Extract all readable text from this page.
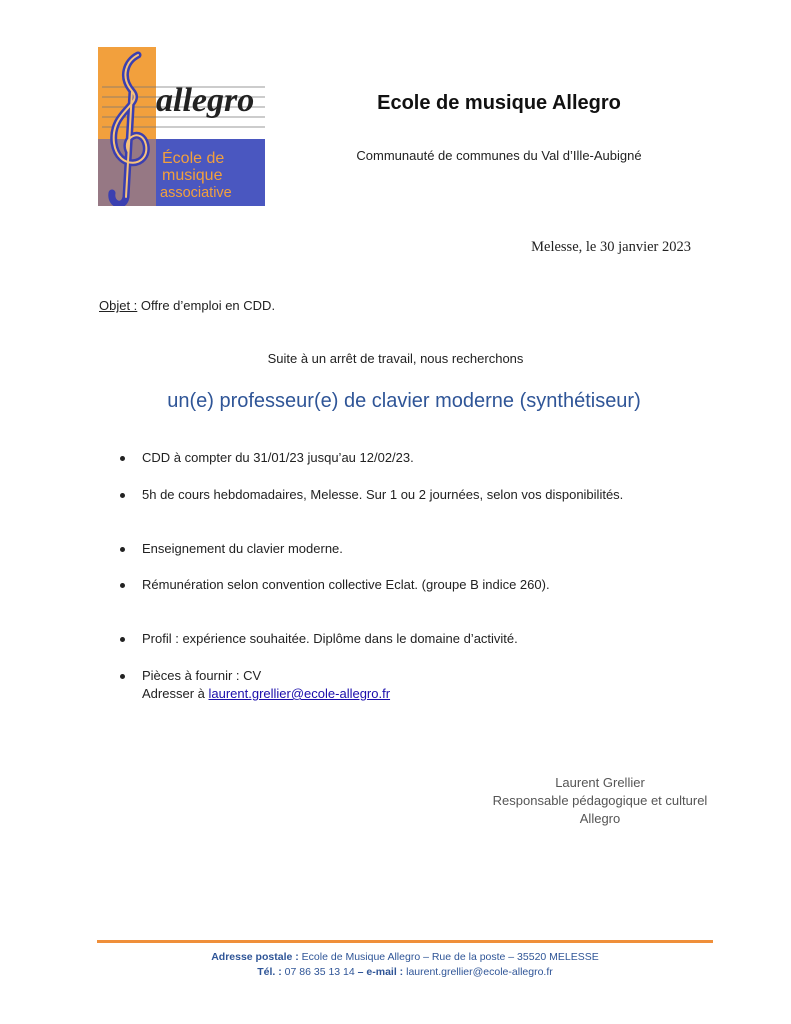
allegro
École de
musique
associative
Ecole de musique Allegro
Communauté de communes du Val d’Ille-Aubigné
Melesse, le 30 janvier 2023
Objet : Offre d’emploi en CDD.
Suite à un arrêt de travail, nous recherchons
un(e) professeur(e) de clavier moderne (synthétiseur)
CDD à compter du 31/01/23 jusqu’au 12/02/23.
5h de cours hebdomadaires, Melesse. Sur 1 ou 2 journées, selon vos disponibilités.
Enseignement du clavier moderne.
Rémunération selon convention collective Eclat. (groupe B indice 260).
Profil : expérience souhaitée. Diplôme dans le domaine d’activité.
Pièces à fournir : CV
Adresser à laurent.grellier@ecole-allegro.fr
Laurent Grellier
Responsable pédagogique et culturel
Allegro
Adresse postale : Ecole de Musique Allegro – Rue de la poste – 35520 MELESSE
Tél. : 07 86 35 13 14 – e-mail : laurent.grellier@ecole-allegro.fr
